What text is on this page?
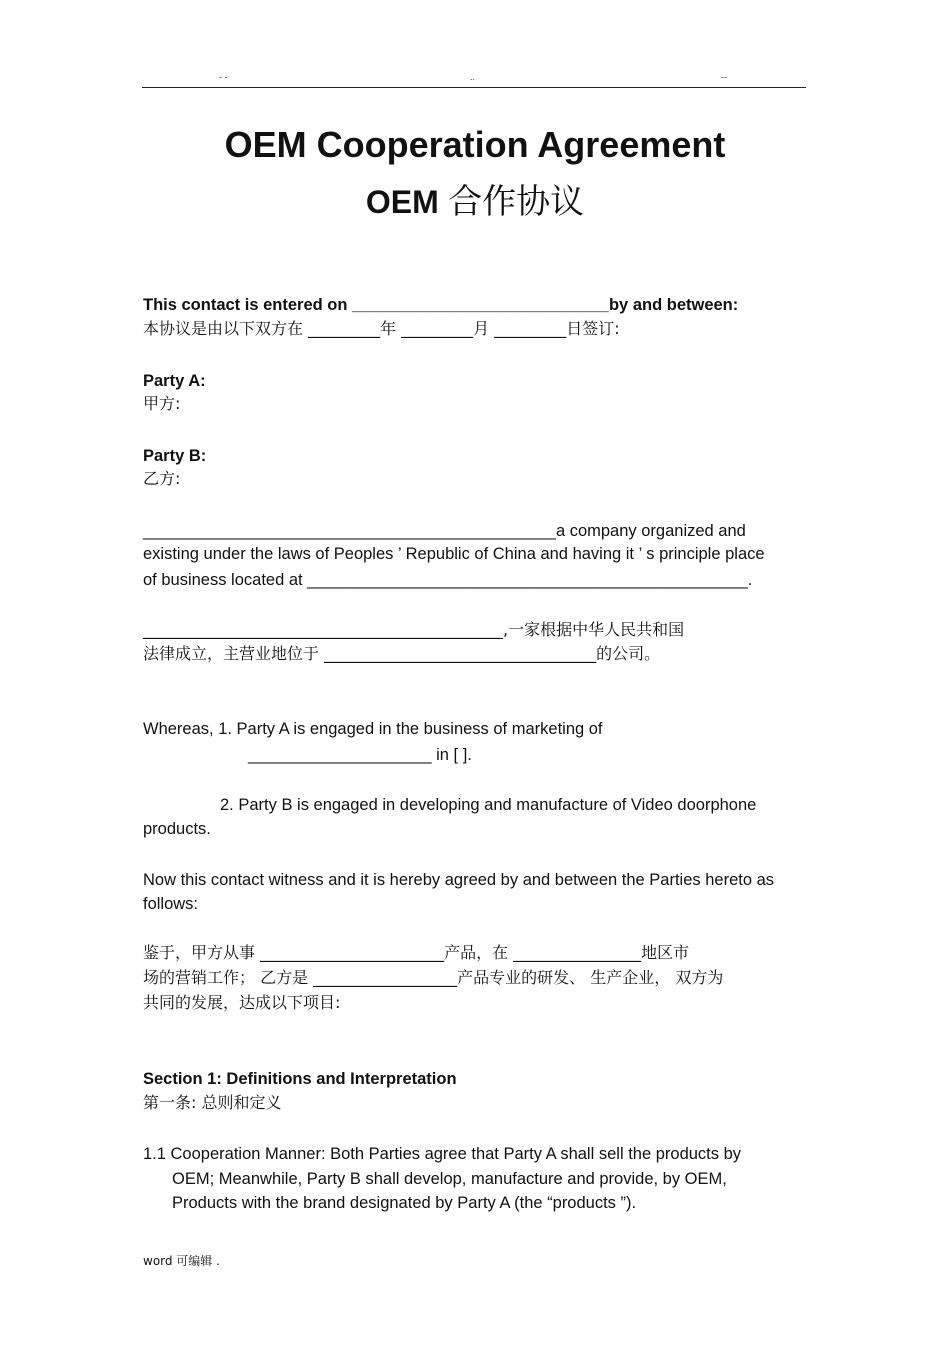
- -	..	--
OEM Cooperation Agreement
OEM 合作协议
This contact is entered on ____________________________by and between:
本协议是由以下双方在 _________年 _________月 _________日签订:
Party A:
甲方:
Party B:
乙方:
_____________________________________________a company organized and
existing under the laws of Peoples ’ Republic of China and having it ’ s principle place
of business located at ________________________________________________.
_____________________________________________,一家根据中华人民共和国
法律成立，主营业地位于 __________________________________的公司。
Whereas, 1. Party A is engaged in the business of marketing of
____________________ in [ ].
2. Party B is engaged in developing and manufacture of Video doorphone
products.
Now this contact witness and it is hereby agreed by and between the Parties hereto as
follows:
鉴于，甲方从事 _______________________产品，在 ________________地区市
场的营销工作； 乙方是 __________________产品专业的研发、 生产企业， 双方为
共同的发展，达成以下项目:
Section 1: Definitions and Interpretation
第一条: 总则和定义
1.1 Cooperation Manner: Both Parties agree that Party A shall sell the products by
OEM; Meanwhile, Party B shall develop, manufacture and provide, by OEM,
Products with the brand designated by Party A (the “products ”).
word 可编辑 .
